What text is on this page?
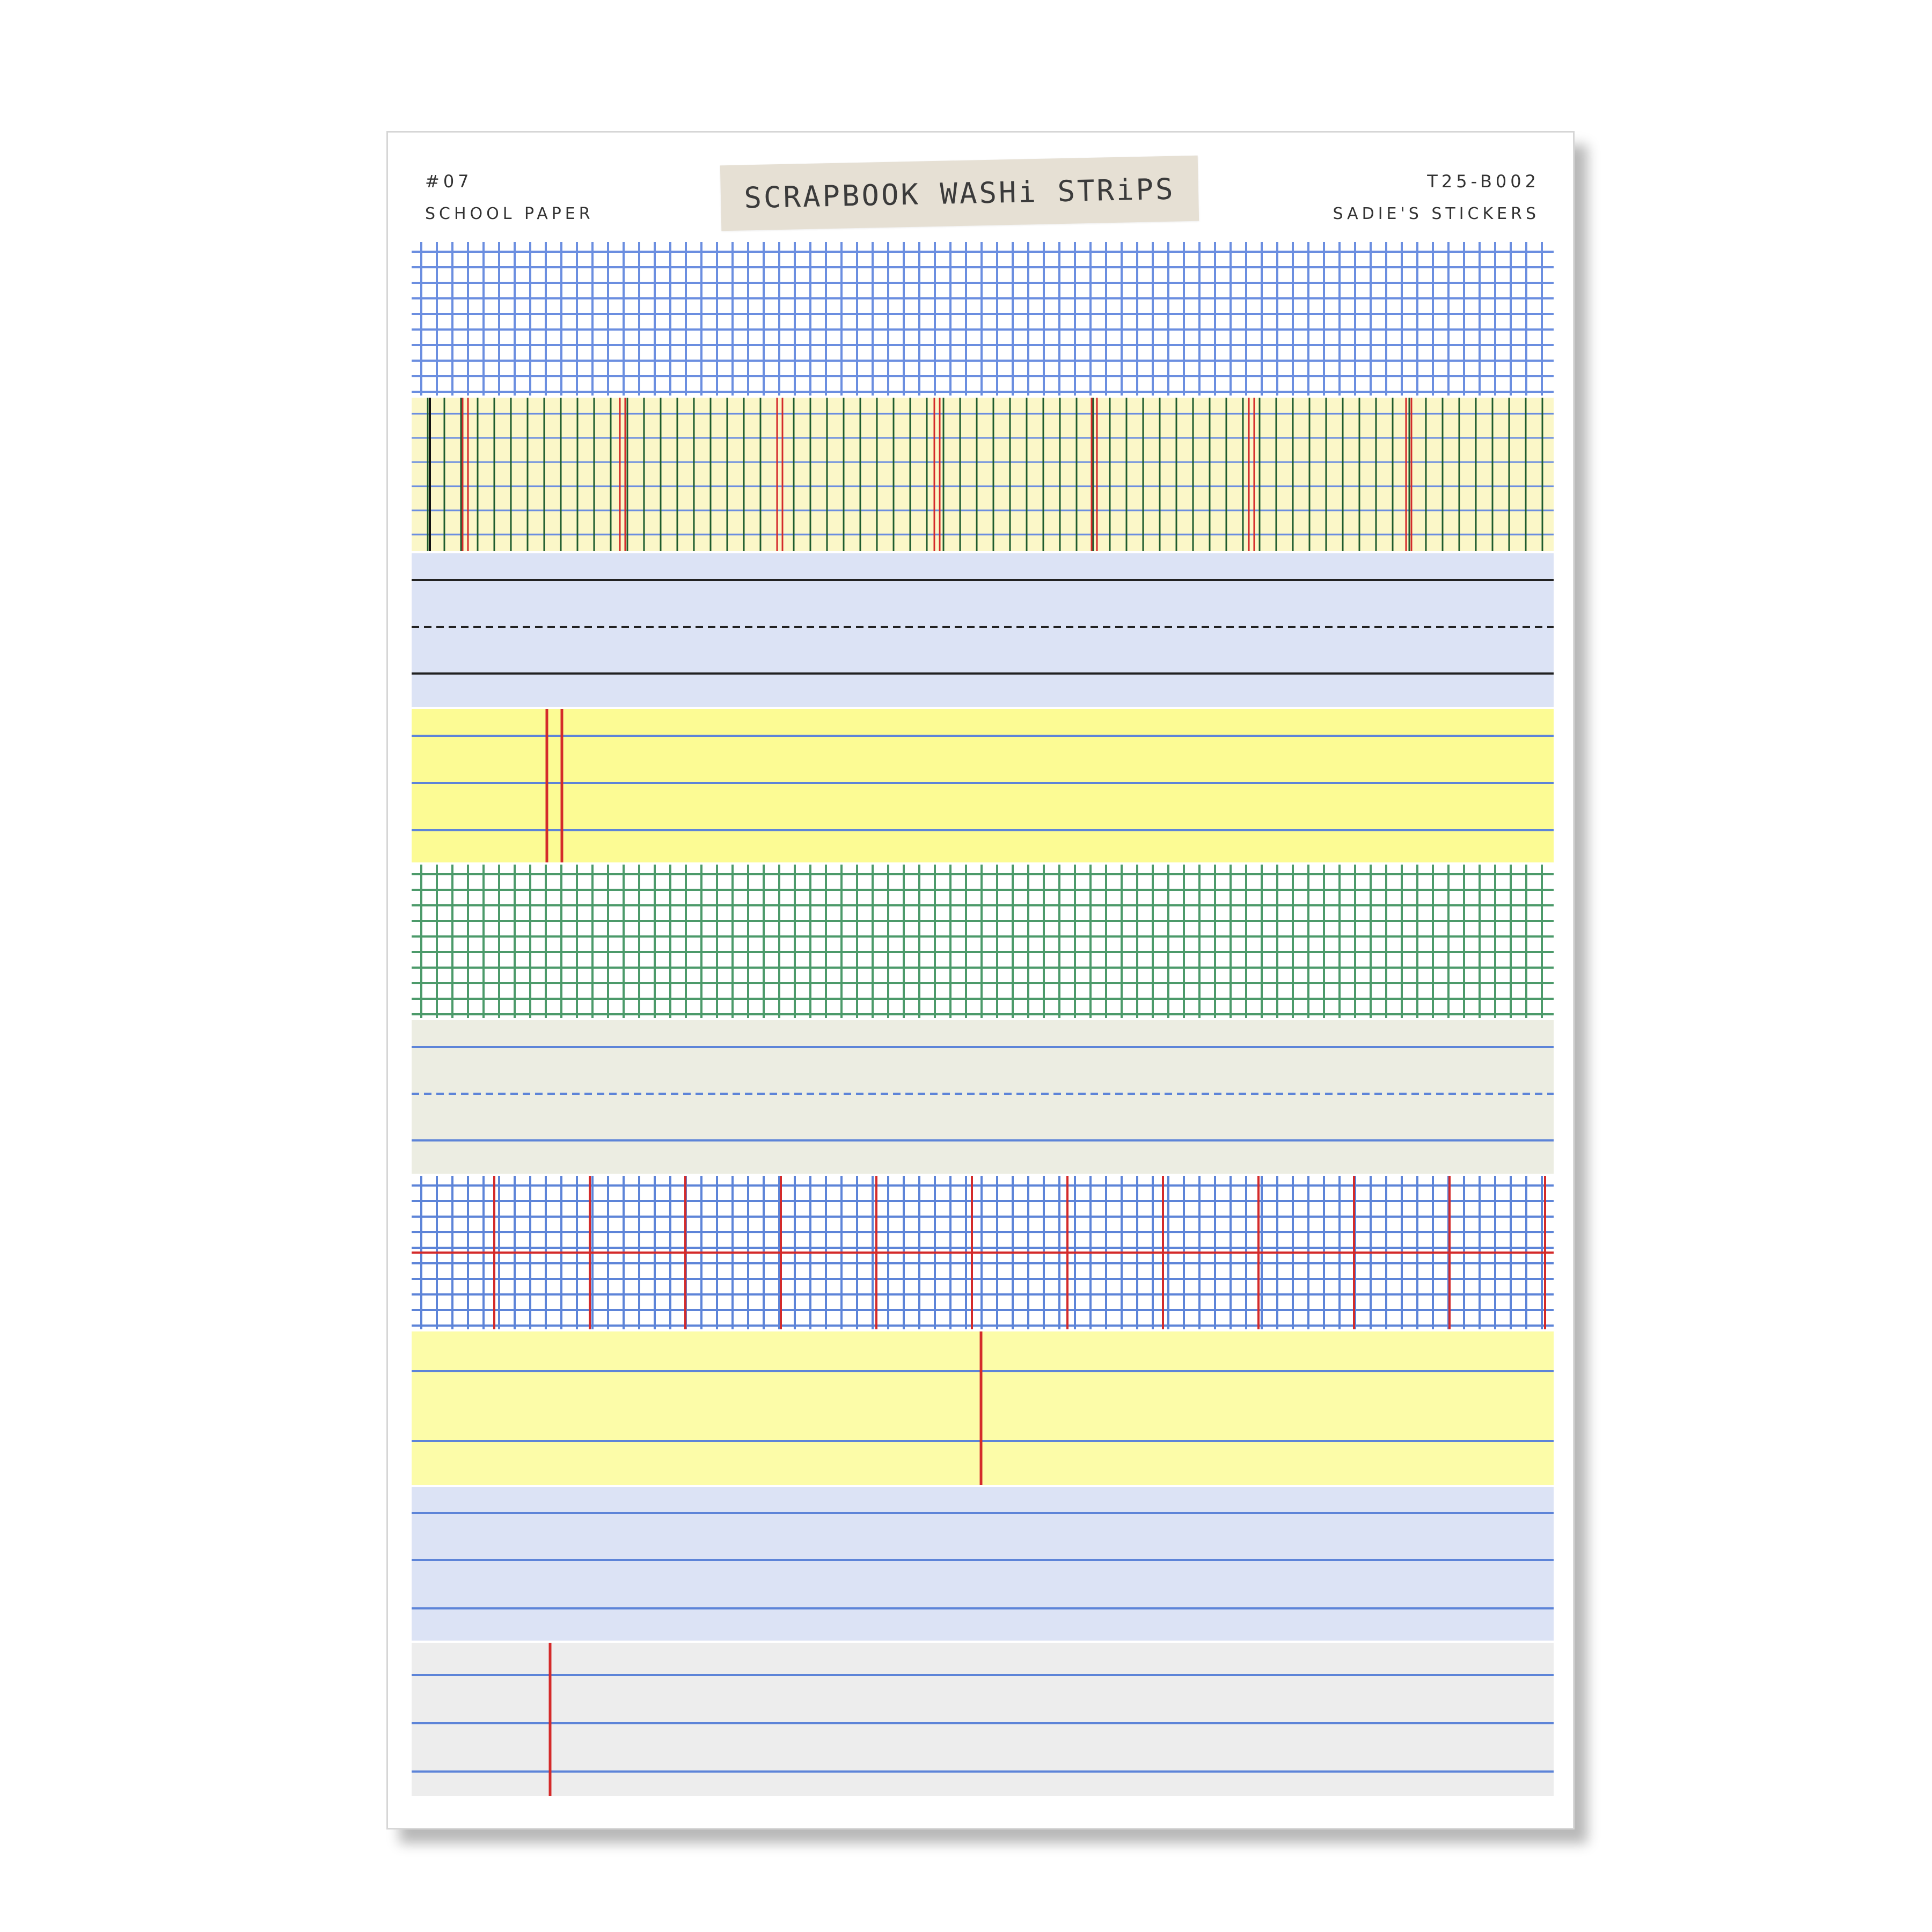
#07
SCHOOL PAPER	SCRAPBOOK WASHi STRiPS	T25-B002
SADIE'S STICKERS
